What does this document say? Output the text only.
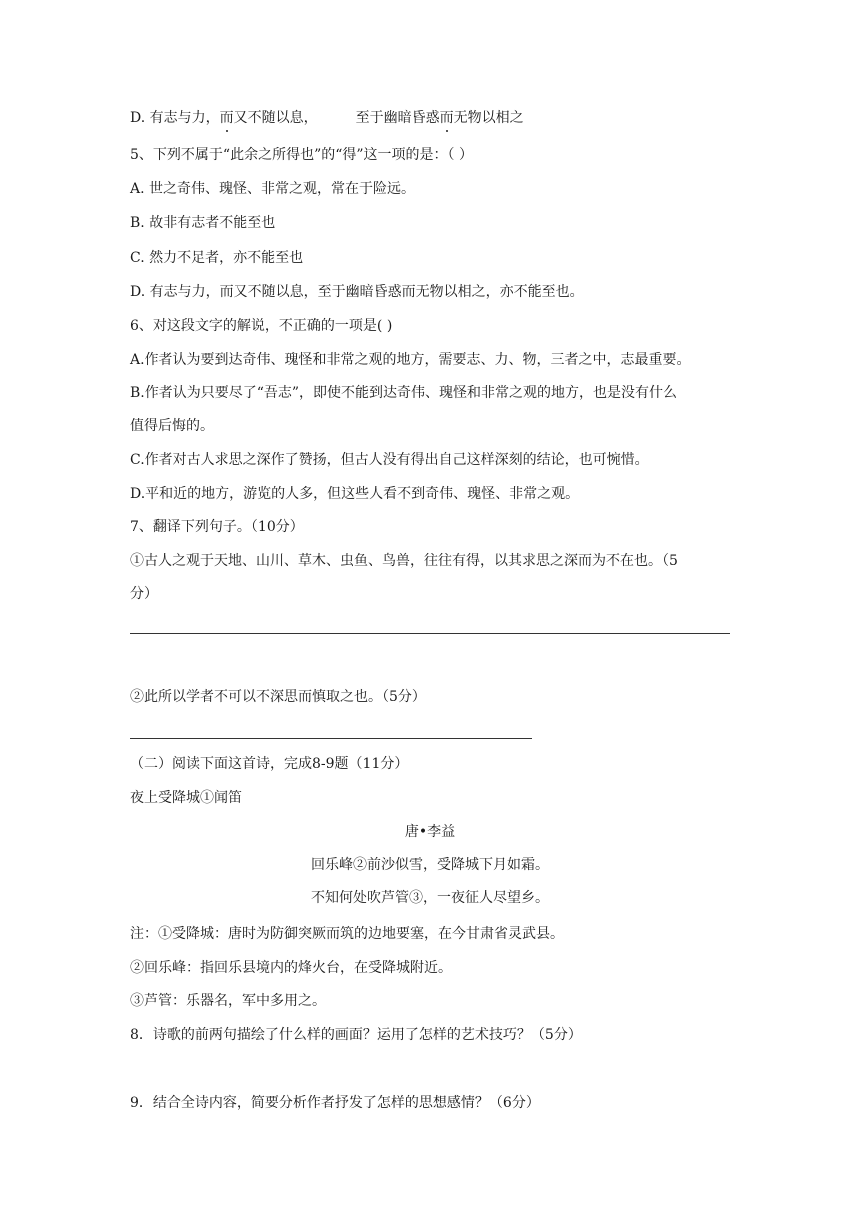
D. 有志与力，而又不随以息，	至于幽暗昏惑而无物以相之
5、下列不属于“此余之所得也”的“得”这一项的是：（ ）
A. 世之奇伟、瑰怪、非常之观，常在于险远。
B. 故非有志者不能至也
C. 然力不足者，亦不能至也
D. 有志与力，而又不随以息，至于幽暗昏惑而无物以相之，亦不能至也。
6、对这段文字的解说，不正确的一项是( )
A.作者认为要到达奇伟、瑰怪和非常之观的地方，需要志、力、物，三者之中，志最重要。
B.作者认为只要尽了“吾志”，即使不能到达奇伟、瑰怪和非常之观的地方，也是没有什么
值得后悔的。
C.作者对古人求思之深作了赞扬，但古人没有得出自己这样深刻的结论，也可惋惜。
D.平和近的地方，游览的人多，但这些人看不到奇伟、瑰怪、非常之观。
7、翻译下列句子。（10分）
①古人之观于天地、山川、草木、虫鱼、鸟兽，往往有得，以其求思之深而为不在也。（5
分）
②此所以学者不可以不深思而慎取之也。（5分）
（二）阅读下面这首诗，完成8-9题（11分）
夜上受降城①闻笛
唐•李益
回乐峰②前沙似雪，受降城下月如霜。
不知何处吹芦管③，一夜征人尽望乡。
注：①受降城：唐时为防御突厥而筑的边地要塞，在今甘肃省灵武县。
②回乐峰：指回乐县境内的烽火台，在受降城附近。
③芦管：乐器名，军中多用之。
8．诗歌的前两句描绘了什么样的画面？运用了怎样的艺术技巧？（5分）
9．结合全诗内容，简要分析作者抒发了怎样的思想感情？（6分）
